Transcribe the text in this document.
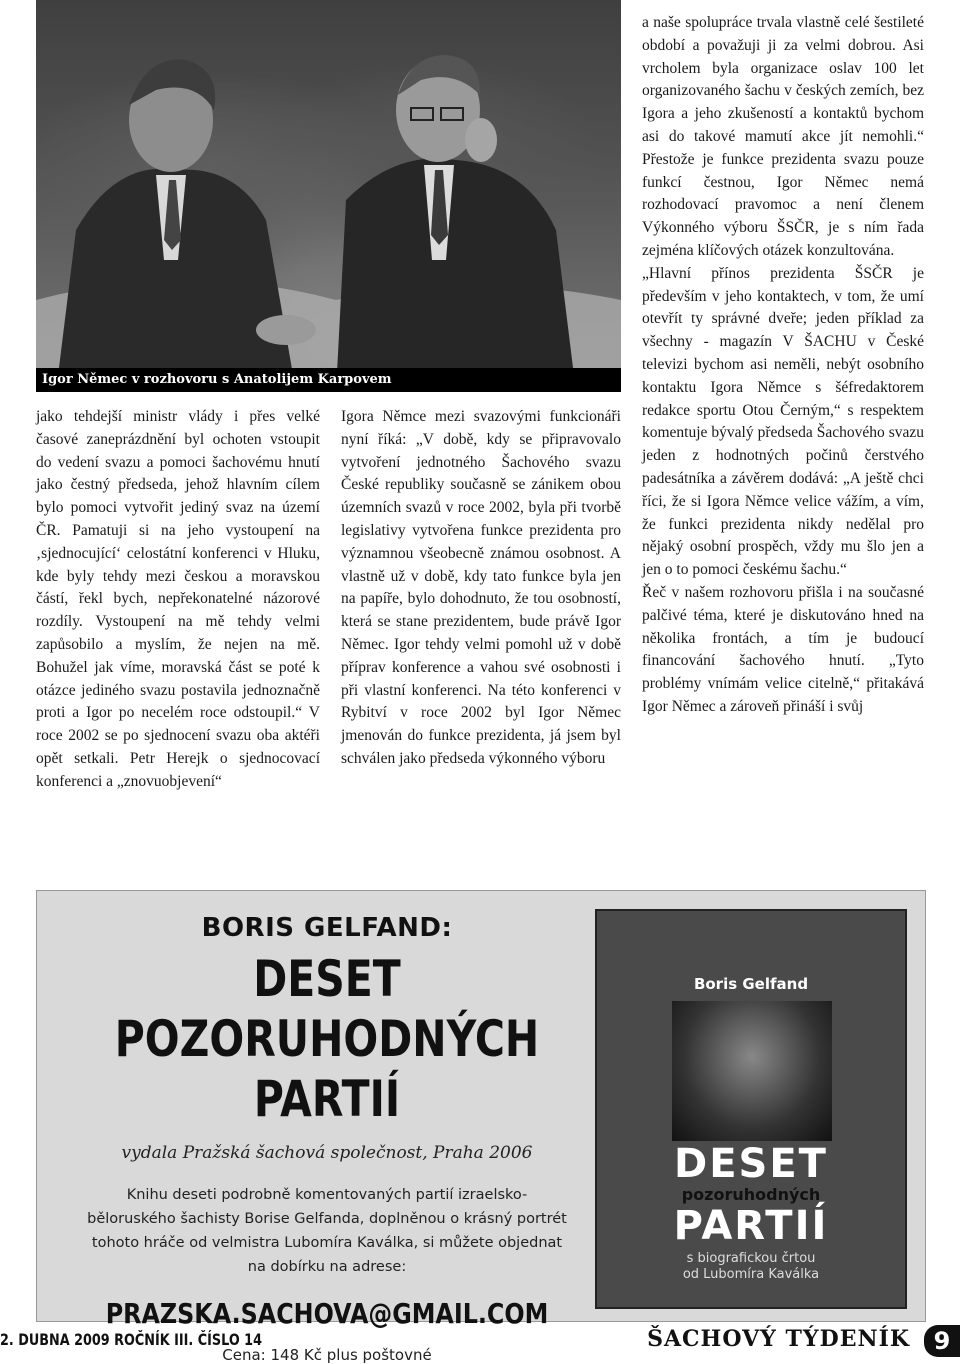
Igor Němec v rozhovoru s Anatolijem Karpovem

jako tehdejší ministr vlády i přes velké časové zaneprázdnění byl ochoten vstoupit do vedení svazu a pomoci šachovému hnutí jako čestný předseda, jehož hlavním cílem bylo pomoci vytvořit jediný svaz na území ČR. Pamatuji si na jeho vystoupení na ‚sjednocující‘ celostátní konferenci v Hluku, kde byly tehdy mezi českou a moravskou částí, řekl bych, nepřekonatelné názorové rozdíly. Vystoupení na mě tehdy velmi zapůsobilo a myslím, že nejen na mě. Bohužel jak víme, moravská část se poté k otázce jediného svazu postavila jednoznačně proti a Igor po necelém roce odstoupil.“ V roce 2002 se po sjednocení svazu oba aktéři opět setkali. Petr Herejk o sjednocovací konferenci a „znovuobjevení“

Igora Němce mezi svazovými funkcionáři nyní říká: „V době, kdy se připravovalo vytvoření jednotného Šachového svazu České republiky současně se zánikem obou územních svazů v roce 2002, byla při tvorbě legislativy vytvořena funkce prezidenta pro významnou všeobecně známou osobnost. A vlastně už v době, kdy tato funkce byla jen na papíře, bylo dohodnuto, že tou osobností, která se stane prezidentem, bude právě Igor Němec. Igor tehdy velmi pomohl už v době příprav konference a vahou své osobnosti i při vlastní konferenci. Na této konferenci v Rybitví v roce 2002 byl Igor Němec jmenován do funkce prezidenta, já jsem byl schválen jako předseda výkonného výboru

a naše spolupráce trvala vlastně celé šestileté období a považuji ji za velmi dobrou. Asi vrcholem byla organizace oslav 100 let organizovaného šachu v českých zemích, bez Igora a jeho zkušeností a kontaktů bychom asi do takové mamutí akce jít nemohli.“ Přestože je funkce prezidenta svazu pouze funkcí čestnou, Igor Němec nemá rozhodovací pravomoc a není členem Výkonného výboru ŠSČR, je s ním řada zejména klíčových otázek konzultována.

„Hlavní přínos prezidenta ŠSČR je především v jeho kontaktech, v tom, že umí otevřít ty správné dveře; jeden příklad za všechny - magazín V ŠACHU v České televizi bychom asi neměli, nebýt osobního kontaktu Igora Němce s šéfredaktorem redakce sportu Otou Černým,“ s respektem komentuje bývalý předseda Šachového svazu jeden z hodnotných počinů čerstvého padesátníka a závěrem dodává: „A ještě chci říci, že si Igora Němce velice vážím, a vím, že funkci prezidenta nikdy nedělal pro nějaký osobní prospěch, vždy mu šlo jen a jen o to pomoci českému šachu.“

Řeč v našem rozhovoru přišla i na současné palčivé téma, které je diskutováno hned na několika frontách, a tím je budoucí financování šachového hnutí. „Tyto problémy vnímám velice citelně,“ přitakává Igor Němec a zároveň přináší i svůj

BORIS GELFAND:
DESET POZORUHODNÝCH
PARTIÍ
vydala Pražská šachová společnost, Praha 2006
Knihu deseti podrobně komentovaných partií izraelsko-
běloruského šachisty Borise Gelfanda, doplněnou o krásný portrét
tohoto hráče od velmistra Lubomíra Kaválka, si můžete objednat
na dobírku na adrese:
PRAZSKA.SACHOVA@GMAIL.COM
Cena: 148 Kč plus poštovné
Boris Gelfand
DESET
pozoruhodných
PARTIÍ
s biografickou črtou
od Lubomíra Kaválka
2. DUBNA 2009 ROČNÍK III. ČÍSLO 14	ŠACHOVÝ TÝDENÍK 9
